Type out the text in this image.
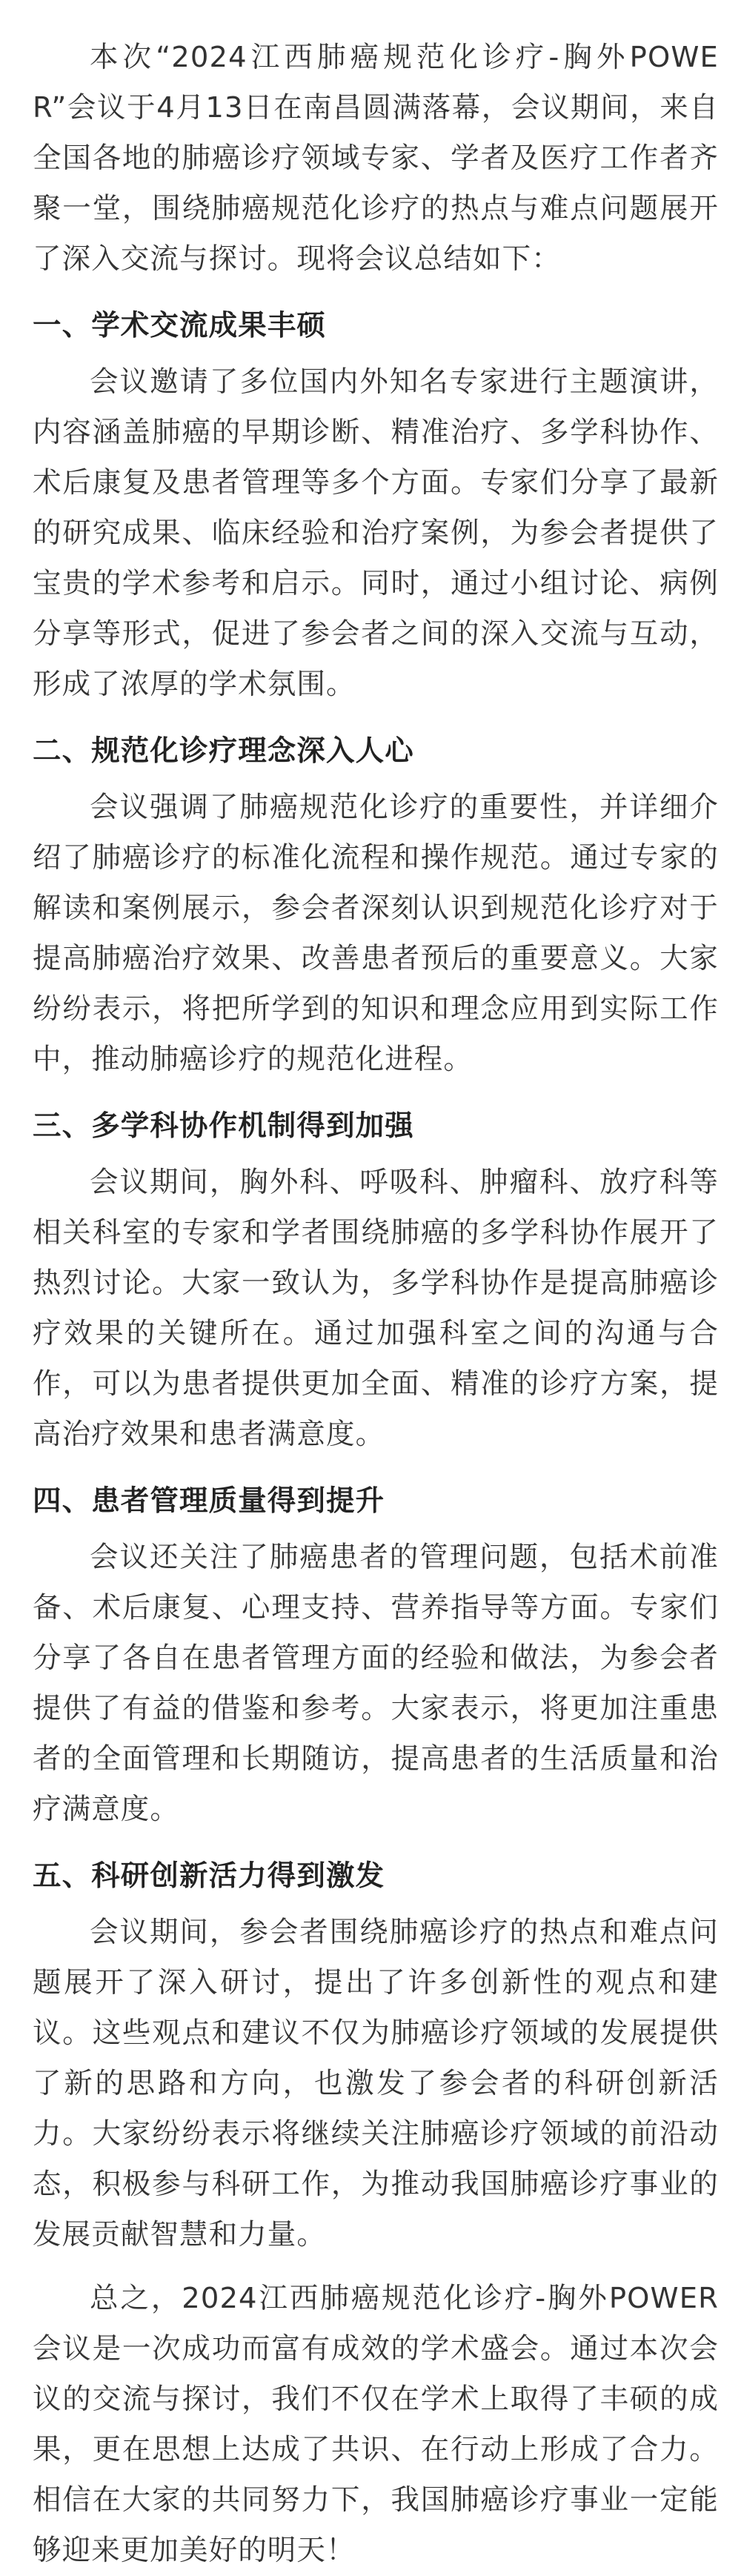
本次“2024江西肺癌规范化诊疗-胸外POWER”会议于4月13日在南昌圆满落幕，会议期间，来自全国各地的肺癌诊疗领域专家、学者及医疗工作者齐聚一堂，围绕肺癌规范化诊疗的热点与难点问题展开了深入交流与探讨。现将会议总结如下：

一、学术交流成果丰硕

会议邀请了多位国内外知名专家进行主题演讲，内容涵盖肺癌的早期诊断、精准治疗、多学科协作、术后康复及患者管理等多个方面。专家们分享了最新的研究成果、临床经验和治疗案例，为参会者提供了宝贵的学术参考和启示。同时，通过小组讨论、病例分享等形式，促进了参会者之间的深入交流与互动，形成了浓厚的学术氛围。

二、规范化诊疗理念深入人心

会议强调了肺癌规范化诊疗的重要性，并详细介绍了肺癌诊疗的标准化流程和操作规范。通过专家的解读和案例展示，参会者深刻认识到规范化诊疗对于提高肺癌治疗效果、改善患者预后的重要意义。大家纷纷表示，将把所学到的知识和理念应用到实际工作中，推动肺癌诊疗的规范化进程。

三、多学科协作机制得到加强

会议期间，胸外科、呼吸科、肿瘤科、放疗科等相关科室的专家和学者围绕肺癌的多学科协作展开了热烈讨论。大家一致认为，多学科协作是提高肺癌诊疗效果的关键所在。通过加强科室之间的沟通与合作，可以为患者提供更加全面、精准的诊疗方案，提高治疗效果和患者满意度。

四、患者管理质量得到提升

会议还关注了肺癌患者的管理问题，包括术前准备、术后康复、心理支持、营养指导等方面。专家们分享了各自在患者管理方面的经验和做法，为参会者提供了有益的借鉴和参考。大家表示，将更加注重患者的全面管理和长期随访，提高患者的生活质量和治疗满意度。

五、科研创新活力得到激发

会议期间，参会者围绕肺癌诊疗的热点和难点问题展开了深入研讨，提出了许多创新性的观点和建议。这些观点和建议不仅为肺癌诊疗领域的发展提供了新的思路和方向，也激发了参会者的科研创新活力。大家纷纷表示将继续关注肺癌诊疗领域的前沿动态，积极参与科研工作，为推动我国肺癌诊疗事业的发展贡献智慧和力量。

总之，2024江西肺癌规范化诊疗-胸外POWER会议是一次成功而富有成效的学术盛会。通过本次会议的交流与探讨，我们不仅在学术上取得了丰硕的成果，更在思想上达成了共识、在行动上形成了合力。相信在大家的共同努力下，我国肺癌诊疗事业一定能够迎来更加美好的明天！
